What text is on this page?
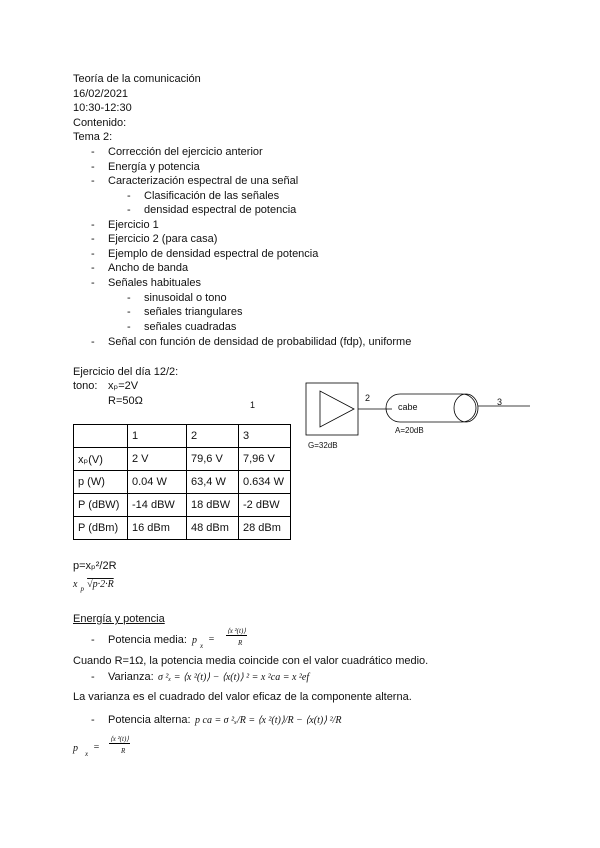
Teoría de la comunicación
16/02/2021
10:30-12:30
Contenido:
Tema 2:
- Corrección del ejercicio anterior
- Energía y potencia
- Caracterización espectral de una señal
- Clasificación de las señales
- densidad espectral de potencia
- Ejercicio 1
- Ejercicio 2 (para casa)
- Ejemplo de densidad espectral de potencia
- Ancho de banda
- Señales habituales
- sinusoidal o tono
- señales triangulares
- señales cuadradas
- Señal con función de densidad de probabilidad (fdp), uniforme
Ejercicio del día 12/2:
tono: xₚ=2V
R=50Ω	1
	1	2	3
xₚ(V)	2 V	79,6 V	7,96 V
p (W)	0.04 W	63,4 W	0.634 W
P (dBW)	-14 dBW	18 dBW	-2 dBW
P (dBm)	16 dBm	48 dBm	28 dBm
G=32dB
2
cabe
A=20dB
3
p=xₚ²/2R
x $_p$ √p·2·R
Energía y potencia
- Potencia media: p x
=
⟨x ²(t)⟩
R
Cuando R=1Ω, la potencia media coincide con el valor cuadrático medio.
- Varianza: σ ²ₓ = ⟨x ²(t)⟩ − ⟨x(t)⟩ ² = x ²ca = x ²ef
La varianza es el cuadrado del valor eficaz de la componente alterna.
- Potencia alterna: p ca = σ ²ₓ/R = ⟨x ²(t)⟩/R − ⟨x(t)⟩ ²/R
p x
=
⟨x ²(t)⟩
R
